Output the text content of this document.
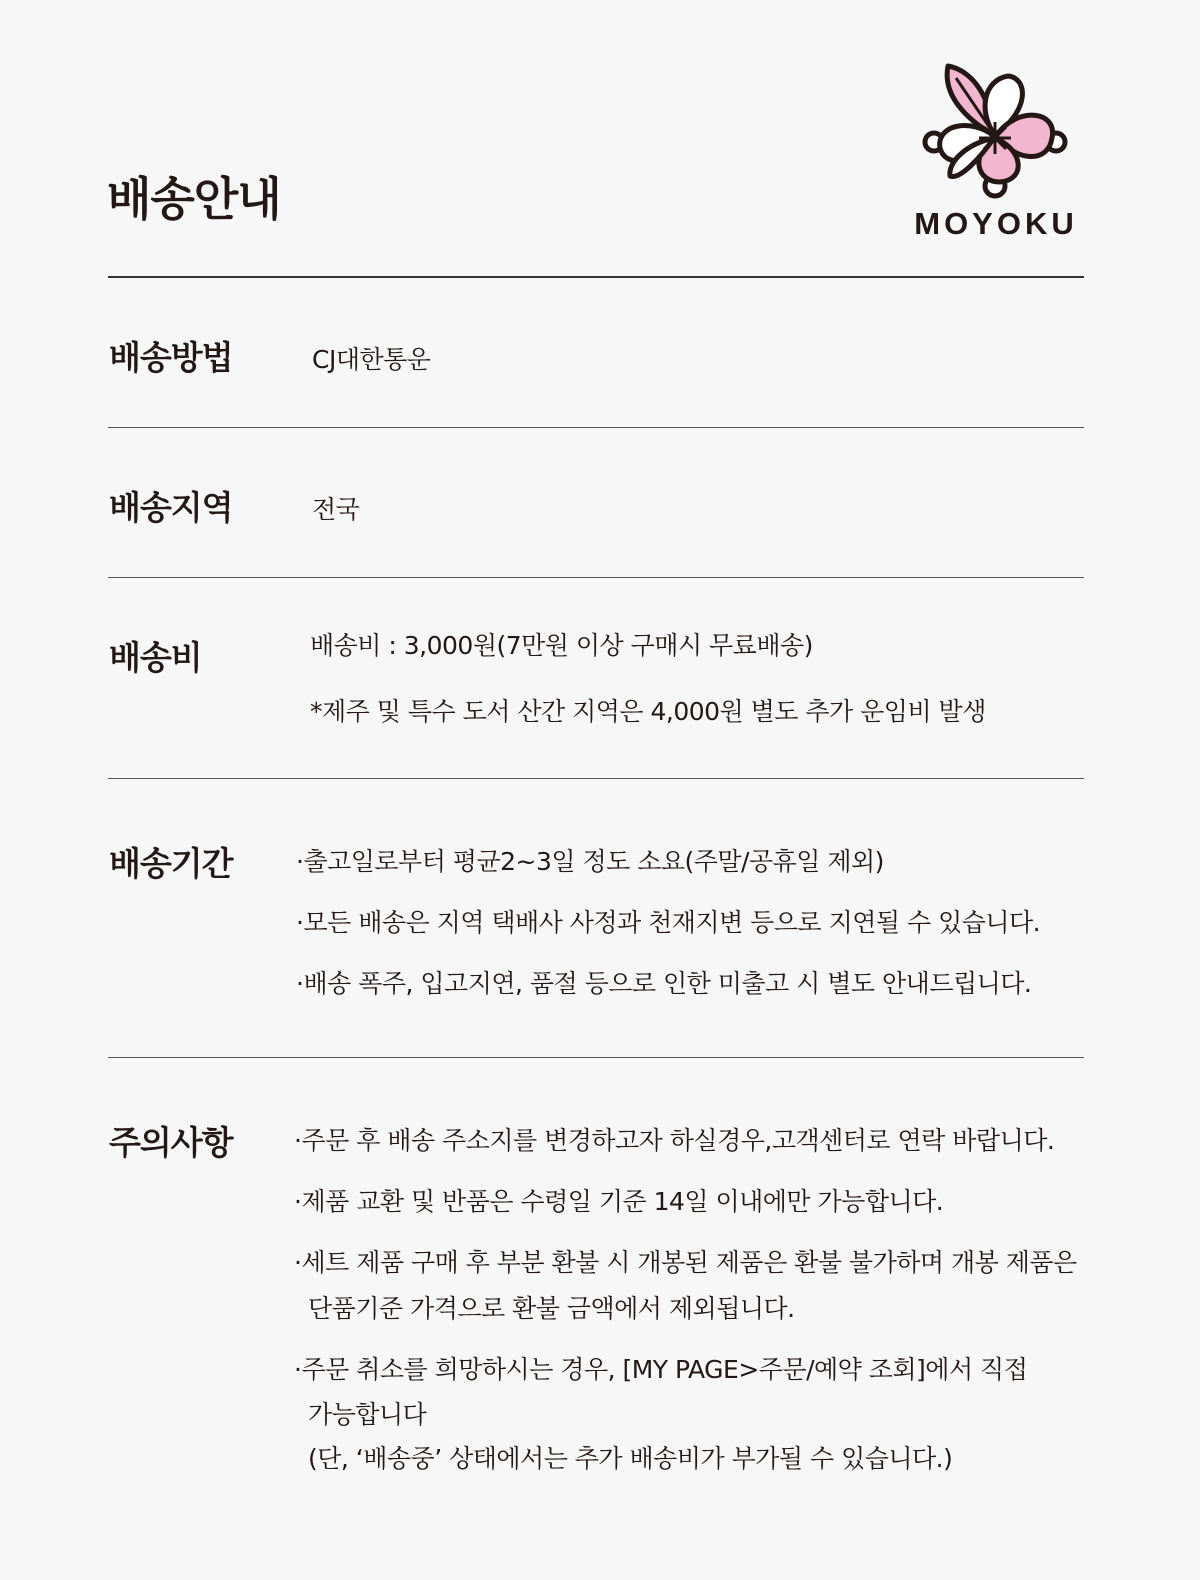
배송안내	MOYOKU

배송방법	CJ대한통운

배송지역	전국

배송비	배송비 : 3,000원(7만원 이상 구매시 무료배송)
*제주 및 특수 도서 산간 지역은 4,000원 별도 추가 운임비 발생

배송기간	·출고일로부터 평균2~3일 정도 소요(주말/공휴일 제외)
·모든 배송은 지역 택배사 사정과 천재지변 등으로 지연될 수 있습니다.
·배송 폭주, 입고지연, 품절 등으로 인한 미출고 시 별도 안내드립니다.

주의사항 ·주문 후 배송 주소지를 변경하고자 하실경우,고객센터로 연락 바랍니다.
·제품 교환 및 반품은 수령일 기준 14일 이내에만 가능합니다.
·세트 제품 구매 후 부분 환불 시 개봉된 제품은 환불 불가하며 개봉 제품은
단품기준 가격으로 환불 금액에서 제외됩니다.
·주문 취소를 희망하시는 경우, [MY PAGE>주문/예약 조회]에서 직접
가능합니다
(단, ‘배송중’ 상태에서는 추가 배송비가 부가될 수 있습니다.)
